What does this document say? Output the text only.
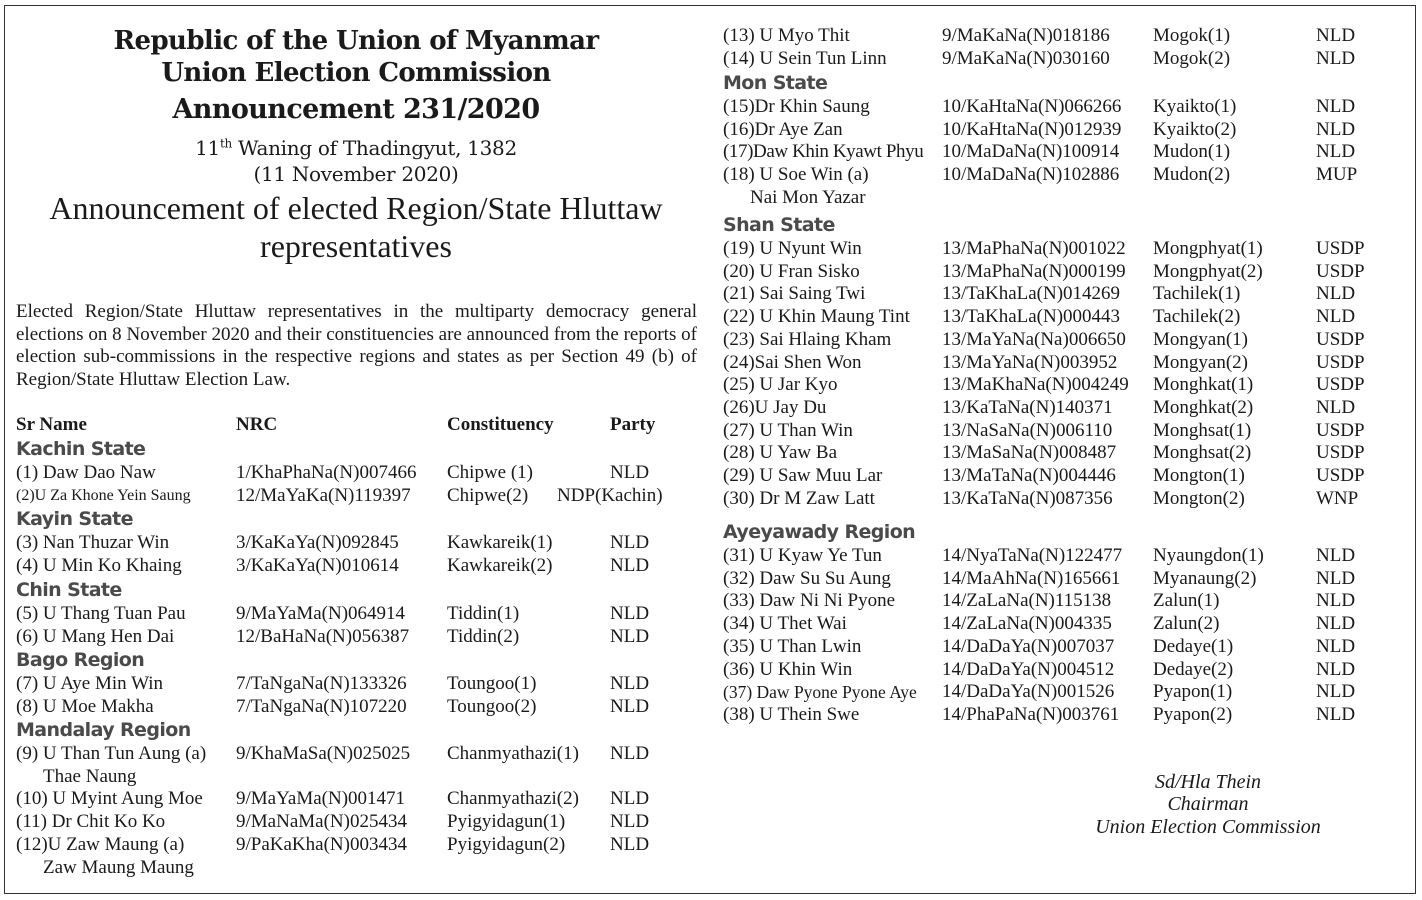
Republic of the Union of Myanmar
Union Election Commission
Announcement 231/2020
11th Waning of Thadingyut, 1382
(11 November 2020)
Announcement of elected Region/State Hluttaw
representatives
Elected Region/State Hluttaw representatives in the multiparty democracy general elections on 8 November 2020 and their constituencies are announced from the reports of election sub-commissions in the respective regions and states as per Section 49 (b) of Region/State Hluttaw Election Law.
Sr Name	NRC	Constituency	Party
Kachin State
(1) Daw Dao Naw	1/KhaPhaNa(N)007466 Chipwe (1)	NLD
(2)U Za Khone Yein Saung 12/MaYaKa(N)119397 Chipwe(2) NDP(Kachin)
Kayin State
(3) Nan Thuzar Win	3/KaKaYa(N)092845	Kawkareik(1)	NLD
(4) U Min Ko Khaing	3/KaKaYa(N)010614	Kawkareik(2)	NLD
Chin State
(5) U Thang Tuan Pau	9/MaYaMa(N)064914 Tiddin(1)	NLD
(6) U Mang Hen Dai	12/BaHaNa(N)056387 Tiddin(2)	NLD
Bago Region
(7) U Aye Min Win	7/TaNgaNa(N)133326 Toungoo(1)	NLD
(8) U Moe Makha	7/TaNgaNa(N)107220 Toungoo(2)	NLD
Mandalay Region
(9) U Than Tun Aung (a) 9/KhaMaSa(N)025025 Chanmyathazi(1) NLD
Thae Naung
(10) U Myint Aung Moe 9/MaYaMa(N)001471 Chanmyathazi(2) NLD
(11) Dr Chit Ko Ko	9/MaNaMa(N)025434 Pyigyidagun(1) NLD
(12)U Zaw Maung (a)	9/PaKaKha(N)003434 Pyigyidagun(2) NLD
Zaw Maung Maung
(13) U Myo Thit	9/MaKaNa(N)018186 Mogok(1)	NLD
(14) U Sein Tun Linn	9/MaKaNa(N)030160 Mogok(2)	NLD
Mon State
(15)Dr Khin Saung	10/KaHtaNa(N)066266 Kyaikto(1)	NLD
(16)Dr Aye Zan	10/KaHtaNa(N)012939 Kyaikto(2)	NLD
(17)Daw Khin Kyawt Phyu 10/MaDaNa(N)100914 Mudon(1)	NLD
(18) U Soe Win (a)	10/MaDaNa(N)102886 Mudon(2)	MUP
Nai Mon Yazar
Shan State
(19) U Nyunt Win	13/MaPhaNa(N)001022 Mongphyat(1)	USDP
(20) U Fran Sisko	13/MaPhaNa(N)000199 Mongphyat(2)	USDP
(21) Sai Saing Twi	13/TaKhaLa(N)014269 Tachilek(1)	NLD
(22) U Khin Maung Tint 13/TaKhaLa(N)000443 Tachilek(2)	NLD
(23) Sai Hlaing Kham	13/MaYaNa(Na)006650 Mongyan(1)	USDP
(24)Sai Shen Won	13/MaYaNa(N)003952 Mongyan(2)	USDP
(25) U Jar Kyo	13/MaKhaNa(N)004249 Monghkat(1)	USDP
(26)U Jay Du	13/KaTaNa(N)140371 Monghkat(2)	NLD
(27) U Than Win	13/NaSaNa(N)006110 Monghsat(1)	USDP
(28) U Yaw Ba	13/MaSaNa(N)008487 Monghsat(2)	USDP
(29) U Saw Muu Lar	13/MaTaNa(N)004446 Mongton(1)	USDP
(30) Dr M Zaw Latt	13/KaTaNa(N)087356 Mongton(2)	WNP
Ayeyawady Region
(31) U Kyaw Ye Tun	14/NyaTaNa(N)122477 Nyaungdon(1)	NLD
(32) Daw Su Su Aung	14/MaAhNa(N)165661 Myanaung(2)	NLD
(33) Daw Ni Ni Pyone 14/ZaLaNa(N)115138 Zalun(1)	NLD
(34) U Thet Wai	14/ZaLaNa(N)004335 Zalun(2)	NLD
(35) U Than Lwin	14/DaDaYa(N)007037 Dedaye(1)	NLD
(36) U Khin Win	14/DaDaYa(N)004512 Dedaye(2)	NLD
(37) Daw Pyone Pyone Aye 14/DaDaYa(N)001526 Pyapon(1)	NLD
(38) U Thein Swe	14/PhaPaNa(N)003761 Pyapon(2)	NLD
Sd/Hla Thein
Chairman
Union Election Commission
